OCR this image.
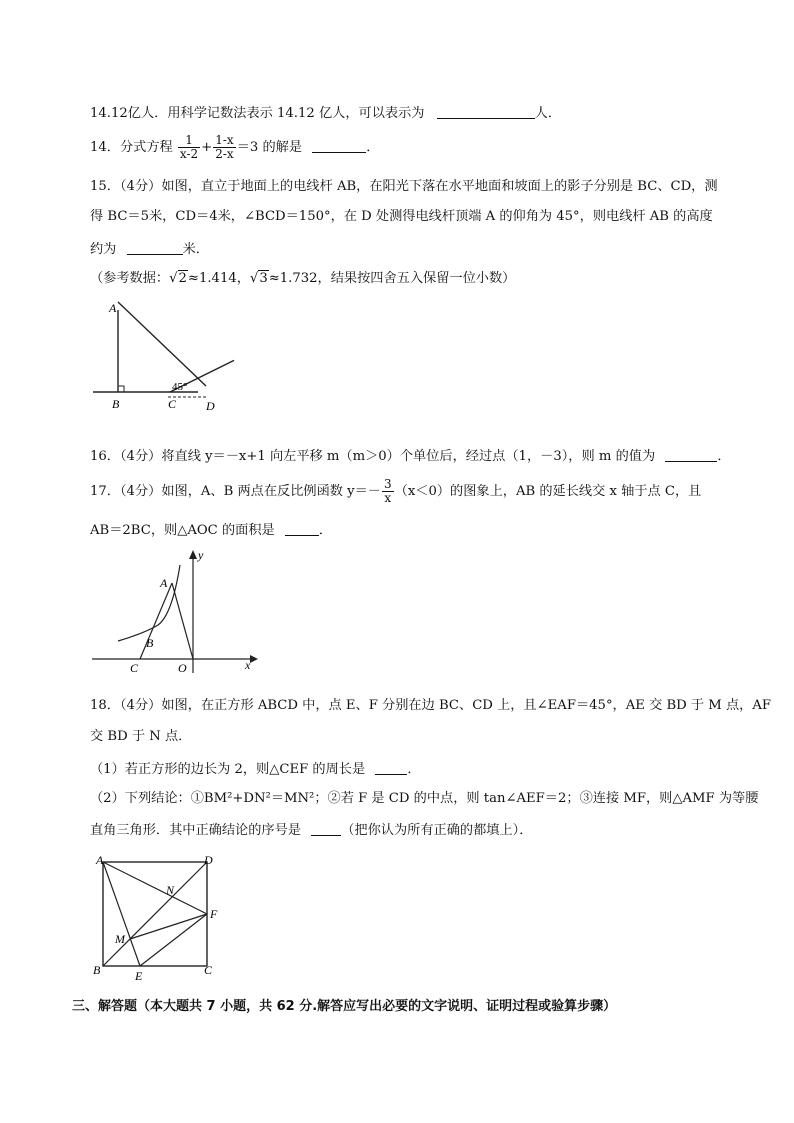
14.12亿人．用科学记数法表示 14.12 亿人，可以表示为	人．
14．分式方程 $\frac{1}{x-2} + \frac{1-x}{2-x} =3$ 的解是	．
15．（4分）如图，直立于地面上的电线杆 AB，在阳光下落在水平地面和坡面上的影子分别是 BC、CD，测
得 BC＝5米，CD＝4米，∠BCD＝150°，在 D 处测得电线杆顶端 A 的仰角为 45°，则电线杆 AB 的高度
约为	米．
（参考数据：√2≈1.414，√3≈1.732，结果按四舍五入保留一位小数）
A
B	C D
45°
16．（4分）将直线 y＝－x+1 向左平移 m（m＞0）个单位后，经过点（1，－3），则 m 的值为	．
17．（4分）如图，A、B 两点在反比例函数 $y=- \frac{3}{x} (x<0)$的图象上，AB 的延长线交 x 轴于点 C，且
AB＝2BC，则△AOC 的面积是	．
y
x
A
B
C	O
18．（4分）如图，在正方形 ABCD 中，点 E、F 分别在边 BC、CD 上，且∠EAF＝45°，AE 交 BD 于 M 点，AF
交 BD 于 N 点．
（1）若正方形的边长为 2，则△CEF 的周长是	．
（2）下列结论：①BM²+DN²＝MN²；②若 F 是 CD 的中点，则 tan∠AEF＝2；③连接 MF，则△AMF 为等腰
直角三角形．其中正确结论的序号是	（把你认为所有正确的都填上）．
A	D
B	C
E
F
M
N
三、解答题（本大题共 7 小题，共 62 分.解答应写出必要的文字说明、证明过程或验算步骤）
